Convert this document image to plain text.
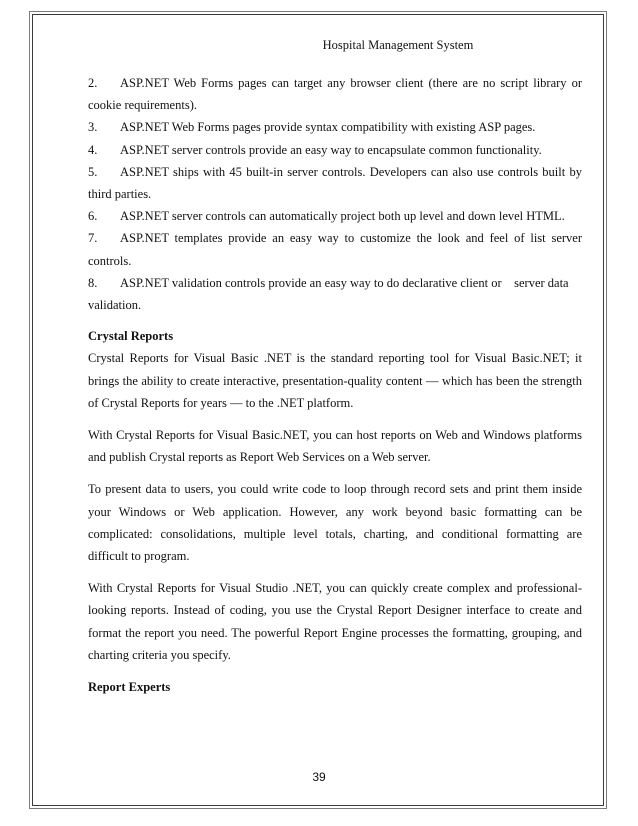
Hospital Management System
2.	ASP.NET Web Forms pages can target any browser client (there are no script library or
cookie requirements).
3.	ASP.NET Web Forms pages provide syntax compatibility with existing ASP pages.
4.	ASP.NET server controls provide an easy way to encapsulate common functionality.
5.	ASP.NET ships with 45 built-in server controls. Developers can also use controls built by
third parties.
6.	ASP.NET server controls can automatically project both up level and down level HTML.
7.	ASP.NET templates provide an easy way to customize the look and feel of list server
controls.
8.	ASP.NET validation controls provide an easy way to do declarative client or    server data
validation.
Crystal Reports
Crystal Reports for Visual Basic .NET is the standard reporting tool for Visual Basic.NET; it
brings the ability to create interactive, presentation-quality content — which has been the strength
of Crystal Reports for years — to the .NET platform.
With Crystal Reports for Visual Basic.NET, you can host reports on Web and Windows platforms
and publish Crystal reports as Report Web Services on a Web server.
To present data to users, you could write code to loop through record sets and print them inside
your Windows or Web application. However, any work beyond basic formatting can be
complicated: consolidations, multiple level totals, charting, and conditional formatting are
difficult to program.
With Crystal Reports for Visual Studio .NET, you can quickly create complex and professional-
looking reports. Instead of coding, you use the Crystal Report Designer interface to create and
format the report you need. The powerful Report Engine processes the formatting, grouping, and
charting criteria you specify.
Report Experts
39
